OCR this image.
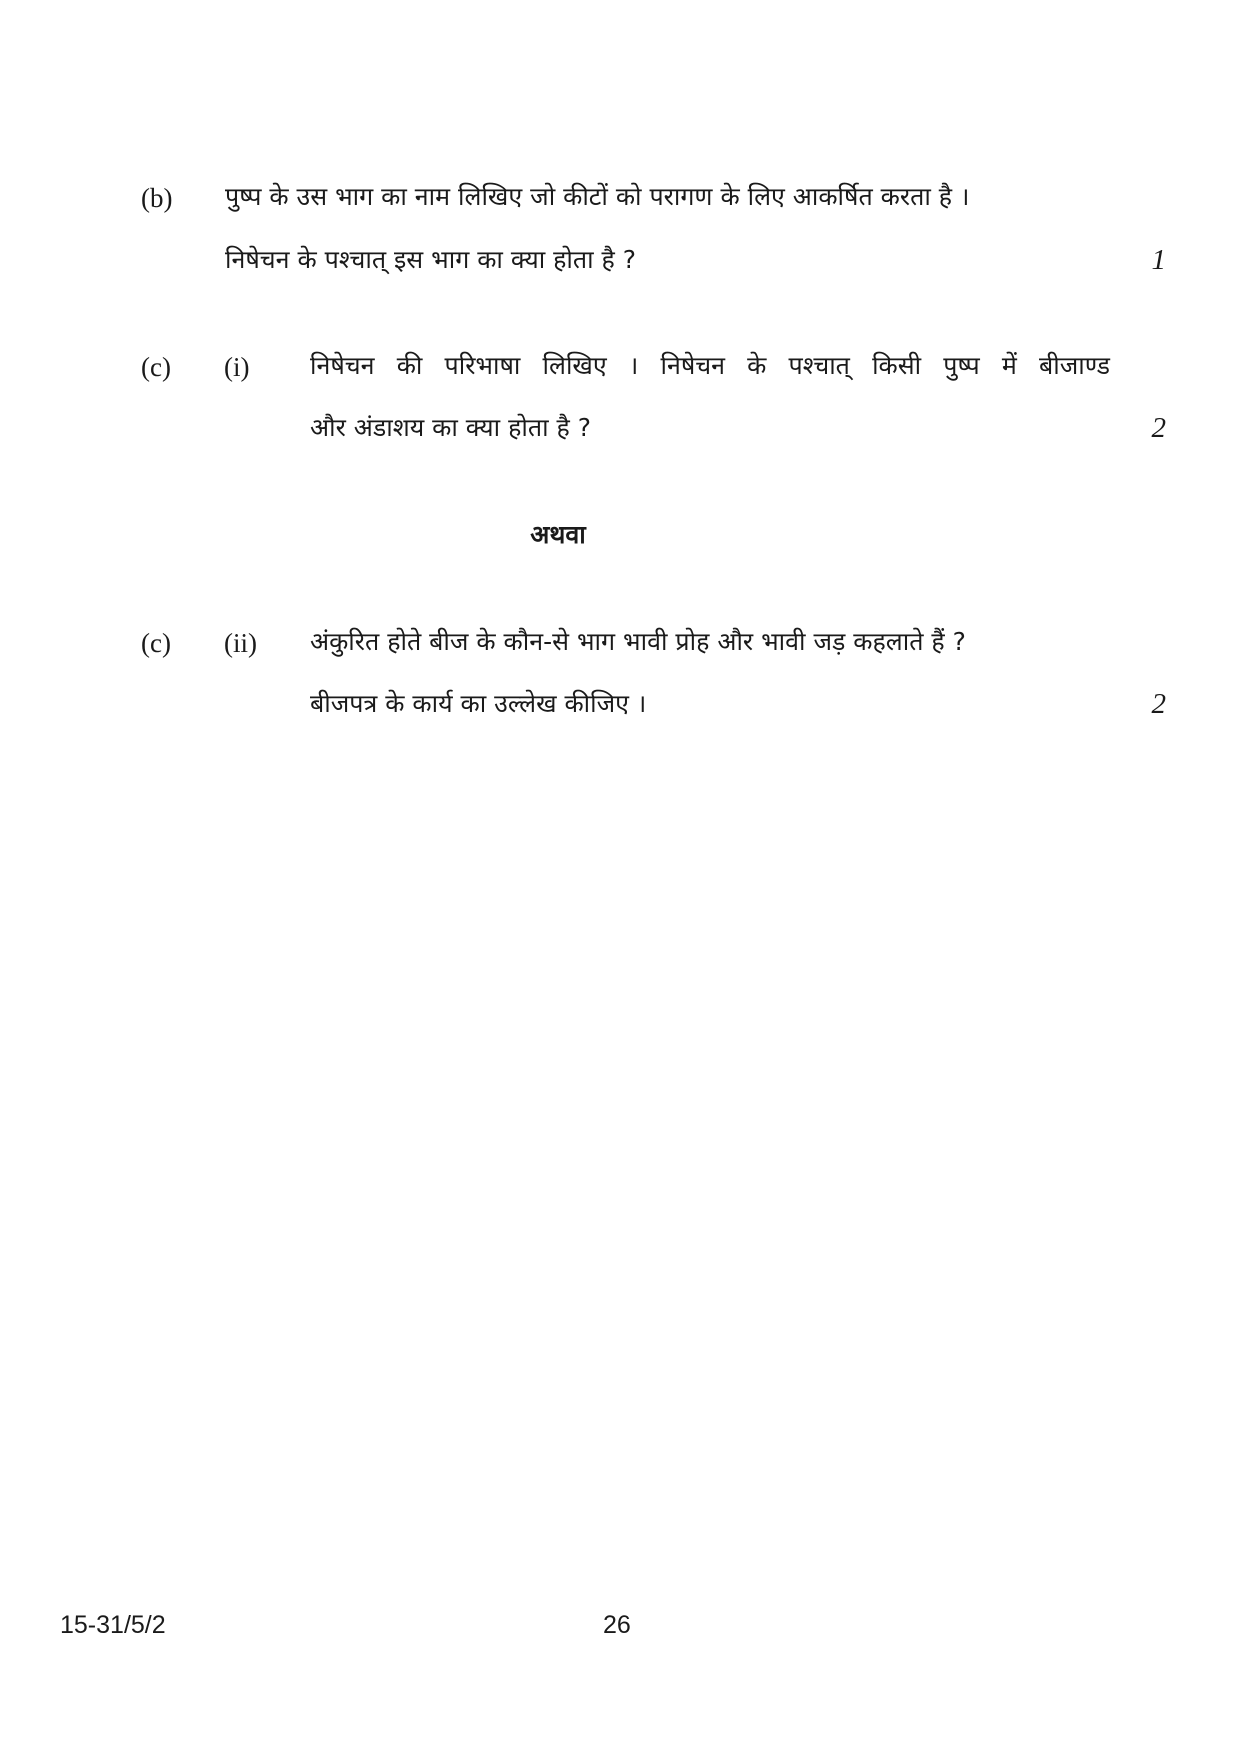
(b) पुष्प के उस भाग का नाम लिखिए जो कीटों को परागण के लिए आकर्षित करता है ।
निषेचन के पश्चात् इस भाग का क्या होता है ?	1
(c) (i) निषेचन की परिभाषा लिखिए । निषेचन के पश्चात् किसी पुष्प में बीजाण्ड
और अंडाशय का क्या होता है ?	2
अथवा
(c) (ii) अंकुरित होते बीज के कौन-से भाग भावी प्रोह और भावी जड़ कहलाते हैं ?
बीजपत्र के कार्य का उल्लेख कीजिए ।	2
15-31/5/2	26
